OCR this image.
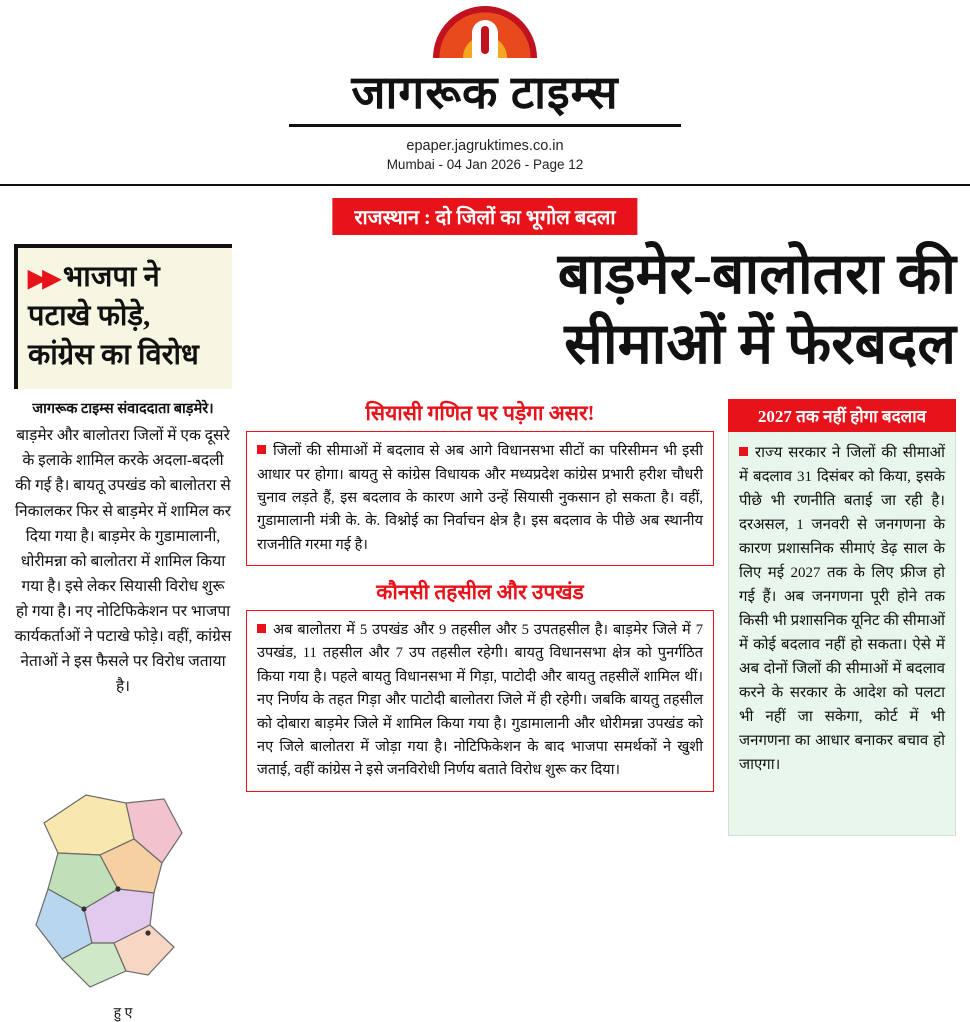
जागरूक टाइम्स
epaper.jagruktimes.co.in
Mumbai - 04 Jan 2026 - Page 12
राजस्थान : दो जिलों का भूगोल बदला
▶▶ भाजपा ने पटाखे फोड़े, कांग्रेस का विरोध
बाड़मेर-बालोतरा की
सीमाओं में फेरबदल
जागरूक टाइम्स संवाददाता बाड़मेरे।
बाड़मेर और बालोतरा जिलों में एक दूसरे के इलाके शामिल करके अदला-बदली की गई है। बायतू उपखंड को बालोतरा से निकालकर फिर से बाड़मेर में शामिल कर दिया गया है। बाड़मेर के गुडामालानी, धोरीमन्ना को बालोतरा में शामिल किया गया है। इसे लेकर सियासी विरोध शुरू हो गया है। नए नोटिफिकेशन पर भाजपा कार्यकर्ताओं ने पटाखे फोड़े। वहीं, कांग्रेस नेताओं ने इस फैसले पर विरोध जताया है।
हु ए
सियासी गणित पर पड़ेगा असर!
जिलों की सीमाओं में बदलाव से अब आगे विधानसभा सीटों का परिसीमन भी इसी आधार पर होगा। बायतु से कांग्रेस विधायक और मध्यप्रदेश कांग्रेस प्रभारी हरीश चौधरी चुनाव लड़ते हैं, इस बदलाव के कारण आगे उन्हें सियासी नुकसान हो सकता है। वहीं, गुडामालानी मंत्री के. के. विश्नोई का निर्वाचन क्षेत्र है। इस बदलाव के पीछे अब स्थानीय राजनीति गरमा गई है।
कौनसी तहसील और उपखंड
अब बालोतरा में 5 उपखंड और 9 तहसील और 5 उपतहसील है। बाड़मेर जिले में 7 उपखंड, 11 तहसील और 7 उप तहसील रहेगी। बायतु विधानसभा क्षेत्र को पुनर्गठित किया गया है। पहले बायतु विधानसभा में गिड़ा, पाटोदी और बायतु तहसीलें शामिल थीं। नए निर्णय के तहत गिड़ा और पाटोदी बालोतरा जिले में ही रहेगी। जबकि बायतु तहसील को दोबारा बाड़मेर जिले में शामिल किया गया है। गुडामालानी और धोरीमन्ना उपखंड को नए जिले बालोतरा में जोड़ा गया है। नोटिफिकेशन के बाद भाजपा समर्थकों ने खुशी जताई, वहीं कांग्रेस ने इसे जनविरोधी निर्णय बताते विरोध शुरू कर दिया।
2027 तक नहीं होगा बदलाव
राज्य सरकार ने जिलों की सीमाओं में बदलाव 31 दिसंबर को किया, इसके पीछे भी रणनीति बताई जा रही है। दरअसल, 1 जनवरी से जनगणना के कारण प्रशासनिक सीमाएं डेढ़ साल के लिए मई 2027 तक के लिए फ्रीज हो गई हैं। अब जनगणना पूरी होने तक किसी भी प्रशासनिक यूनिट की सीमाओं में कोई बदलाव नहीं हो सकता। ऐसे में अब दोनों जिलों की सीमाओं में बदलाव करने के सरकार के आदेश को पलटा भी नहीं जा सकेगा, कोर्ट में भी जनगणना का आधार बनाकर बचाव हो जाएगा।
